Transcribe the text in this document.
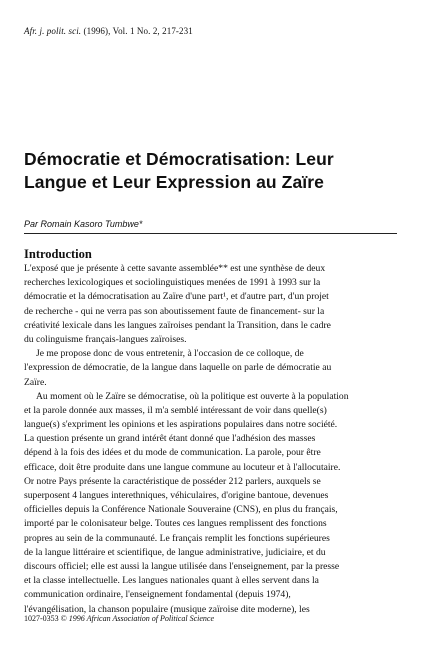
Afr. j. polit. sci. (1996), Vol. 1 No. 2, 217-231
Démocratie et Démocratisation: Leur
Langue et Leur Expression au Zaïre
Par Romain Kasoro Tumbwe*
Introduction
L'exposé que je présente à cette savante assemblée** est une synthèse de deux
recherches lexicologiques et sociolinguistiques menées de 1991 à 1993 sur la
démocratie et la démocratisation au Zaïre d'une part¹, et d'autre part, d'un projet
de recherche - qui ne verra pas son aboutissement faute de financement- sur la
créativité lexicale dans les langues zaïroises pendant la Transition, dans le cadre
du colinguisme français-langues zaïroises.
Je me propose donc de vous entretenir, à l'occasion de ce colloque, de
l'expression de démocratie, de la langue dans laquelle on parle de démocratie au
Zaïre.
Au moment où le Zaïre se démocratise, où la politique est ouverte à la population
et la parole donnée aux masses, il m'a semblé intéressant de voir dans quelle(s)
langue(s) s'expriment les opinions et les aspirations populaires dans notre société.
La question présente un grand intérêt étant donné que l'adhésion des masses
dépend à la fois des idées et du mode de communication. La parole, pour être
efficace, doit être produite dans une langue commune au locuteur et à l'allocutaire.
Or notre Pays présente la caractéristique de posséder 212 parlers, auxquels se
superposent 4 langues interethniques, véhiculaires, d'origine bantoue, devenues
officielles depuis la Conférence Nationale Souveraine (CNS), en plus du français,
importé par le colonisateur belge. Toutes ces langues remplissent des fonctions
propres au sein de la communauté. Le français remplit les fonctions supérieures
de la langue littéraire et scientifique, de langue administrative, judiciaire, et du
discours officiel; elle est aussi la langue utilisée dans l'enseignement, par la presse
et la classe intellectuelle. Les langues nationales quant à elles servent dans la
communication ordinaire, l'enseignement fondamental (depuis 1974),
l'évangélisation, la chanson populaire (musique zaïroise dite moderne), les
1027-0353 © 1996 African Association of Political Science
